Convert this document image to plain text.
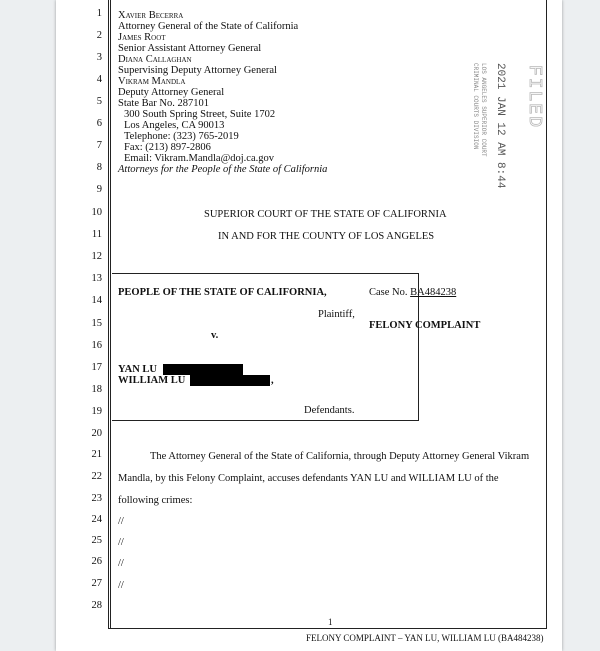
1
2
3
4
5
6
7
8
9
10
11
12
13
14
15
16
17
18
19
20
21
22
23
24
25
26
27
28
Xavier Becerra
Attorney General of the State of California
James Root
Senior Assistant Attorney General
Diana Callaghan
Supervising Deputy Attorney General
Vikram Mandla
Deputy Attorney General
State Bar No. 287101
300 South Spring Street, Suite 1702
Los Angeles, CA 90013
Telephone: (323) 765-2019
Fax: (213) 897-2806
Email: Vikram.Mandla@doj.ca.gov
Attorneys for the People of the State of California
SUPERIOR COURT OF THE STATE OF CALIFORNIA
IN AND FOR THE COUNTY OF LOS ANGELES
PEOPLE OF THE STATE OF CALIFORNIA,
Plaintiff,
v.
YAN LU
WILLIAM LU	,
Defendants.
Case No. BA484238
FELONY COMPLAINT
The Attorney General of the State of California, through Deputy Attorney General Vikram
Mandla, by this Felony Complaint, accuses defendants YAN LU and WILLIAM LU of the
following crimes:
//
//
//
//
1
FELONY COMPLAINT – YAN LU, WILLIAM LU (BA484238)
FILED
2021 JAN 12 AM 8:44
LOS ANGELES SUPERIOR COURT
CRIMINAL COURTS DIVISION
